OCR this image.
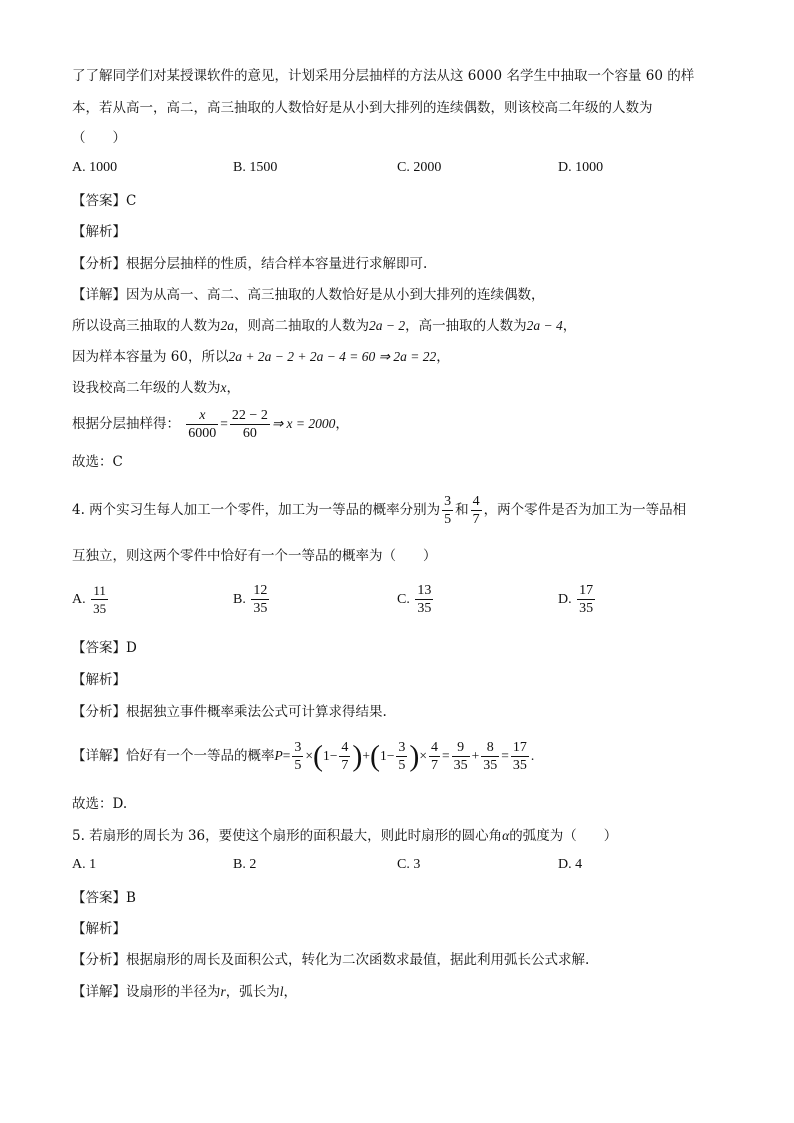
了了解同学们对某授课软件的意见，计划采用分层抽样的方法从这 6000 名学生中抽取一个容量 60 的样
本，若从高一，高二，高三抽取的人数恰好是从小到大排列的连续偶数，则该校高二年级的人数为
（　　）
A. 1000	B. 1500	C. 2000	D. 1000
【答案】C
【解析】
【分析】根据分层抽样的性质，结合样本容量进行求解即可.
【详解】因为从高一、高二、高三抽取的人数恰好是从小到大排列的连续偶数，
所以设高三抽取的人数为2a，则高二抽取的人数为2a − 2，高一抽取的人数为2a − 4，
因为样本容量为 60，所以2a + 2a − 2 + 2a − 4 = 60 ⇒ 2a = 22，
设我校高二年级的人数为x，
根据分层抽样得： $\frac{x}{6000} = \frac{22 - 2}{60}$ ⇒ x = 2000，
故选：C
4. 两个实习生每人加工一个零件，加工为一等品的概率分别为 $\frac{3}{5}$ 和 $\frac{4}{7}$ ，两个零件是否为加工为一等品相
互独立，则这两个零件中恰好有一个一等品的概率为（　　）
A. $\frac{11}{35}$	B. $\frac{12}{35}$	C. $\frac{13}{35}$	D. $\frac{17}{35}$
【答案】D
【解析】
【分析】根据独立事件概率乘法公式可计算求得结果.
【详解】恰好有一个一等品的概率$P= \frac{3}{5} \times(1- \frac{4}{7} )+(1- \frac{3}{5}$ )× $\frac{4}{7} = \frac{9}{35} + \frac{8}{35} = \frac{17}{35}$ .
故选：D.
5. 若扇形的周长为 36，要使这个扇形的面积最大，则此时扇形的圆心角α的弧度为（　　）
A. 1	B. 2	C. 3	D. 4
【答案】B
【解析】
【分析】根据扇形的周长及面积公式，转化为二次函数求最值，据此利用弧长公式求解.
【详解】设扇形的半径为r，弧长为l，
